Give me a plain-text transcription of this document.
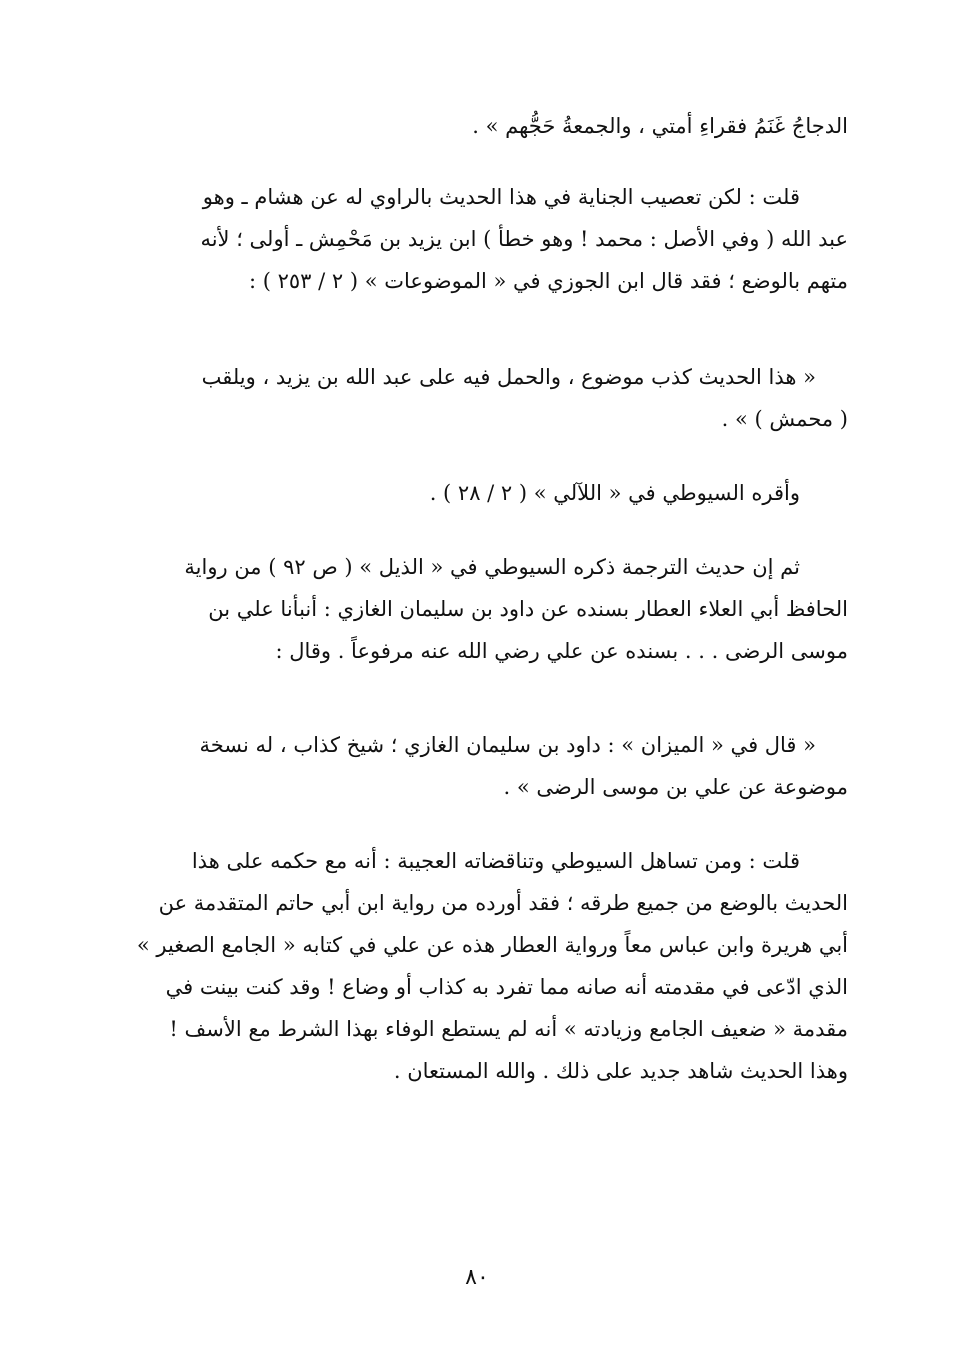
الدجاجُ غَنَمُ فقراءِ أمتي ، والجمعةُ حَجُّهم » .

قلت : لكن تعصيب الجناية في هذا الحديث بالراوي له عن هشام ـ وهو
عبد الله ( وفي الأصل : محمد ! وهو خطأ ) ابن يزيد بن مَحْمِش ـ أولى ؛ لأنه
متهم بالوضع ؛ فقد قال ابن الجوزي في « الموضوعات » ( ٢ / ٢٥٣ ) :

« هذا الحديث كذب موضوع ، والحمل فيه على عبد الله بن يزيد ، ويلقب
( محمش ) » .

وأقره السيوطي في « اللآلي » ( ٢ / ٢٨ ) .

ثم إن حديث الترجمة ذكره السيوطي في « الذيل » ( ص ٩٢ ) من رواية
الحافظ أبي العلاء العطار بسنده عن داود بن سليمان الغازي : أنبأنا علي بن
موسى الرضى . . . بسنده عن علي رضي الله عنه مرفوعاً . وقال :

« قال في « الميزان » : داود بن سليمان الغازي ؛ شيخ كذاب ، له نسخة
موضوعة عن علي بن موسى الرضى » .

قلت : ومن تساهل السيوطي وتناقضاته العجيبة : أنه مع حكمه على هذا
الحديث بالوضع من جميع طرقه ؛ فقد أورده من رواية ابن أبي حاتم المتقدمة عن
أبي هريرة وابن عباس معاً ورواية العطار هذه عن علي في كتابه « الجامع الصغير »
الذي ادّعى في مقدمته أنه صانه مما تفرد به كذاب أو وضاع ! وقد كنت بينت في
مقدمة « ضعيف الجامع وزيادته » أنه لم يستطع الوفاء بهذا الشرط مع الأسف !
وهذا الحديث شاهد جديد على ذلك . والله المستعان .

٨٠
